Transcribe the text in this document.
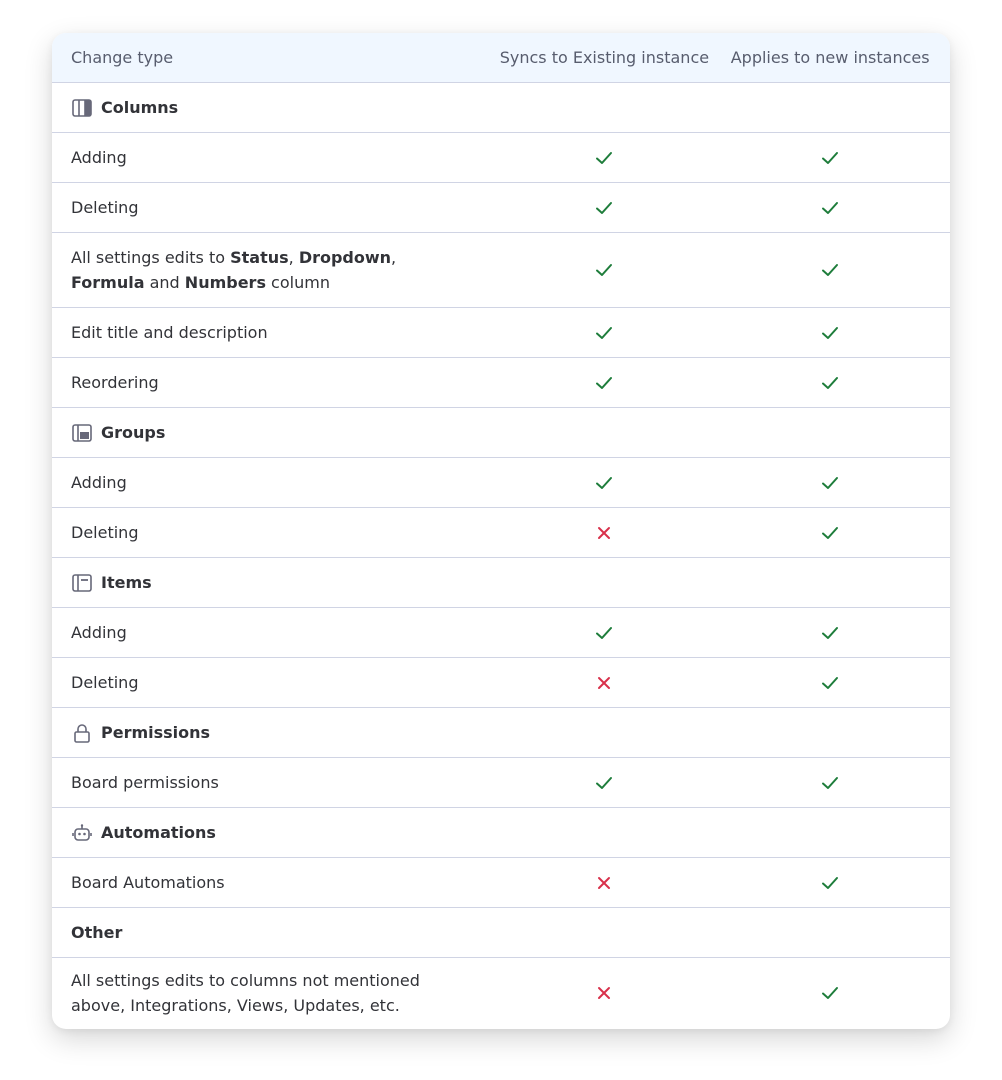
Change type	Syncs to Existing instance	Applies to new instances
Columns
Adding
Deleting
All settings edits to Status, Dropdown,
Formula and Numbers column
Edit title and description
Reordering
Groups
Adding
Deleting
Items
Adding
Deleting
Permissions
Board permissions
Automations
Board Automations
Other
All settings edits to columns not mentioned
above, Integrations, Views, Updates, etc.
